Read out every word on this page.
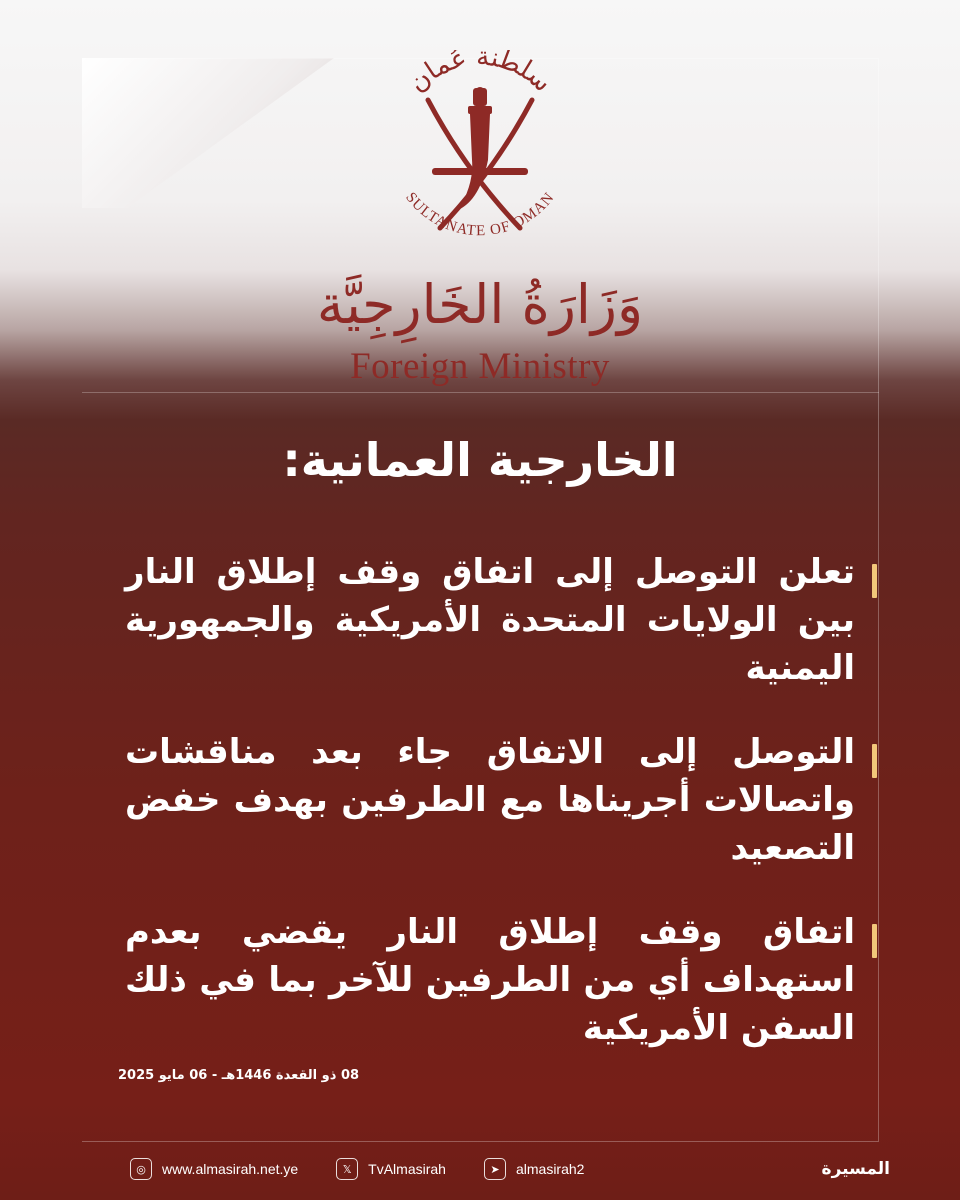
سلطنة عُمان
SULTANATE OF OMAN
وَزَارَةُ الخَارِجِيَّة
Foreign Ministry
الخارجية العمانية:
تعلن التوصل إلى اتفاق وقف إطلاق النار بين الولايات المتحدة الأمريكية والجمهورية اليمنية
التوصل إلى الاتفاق جاء بعد مناقشات واتصالات أجريناها مع الطرفين بهدف خفض التصعيد
اتفاق وقف إطلاق النار يقضي بعدم استهداف أي من الطرفين للآخر بما في ذلك السفن الأمريكية
08 ذو القعدة 1446هـ - 06 مايو 2025
◎	www.almasirah.net.ye	𝕏	TvAlmasirah	➤	almasirah2	المسيرة
